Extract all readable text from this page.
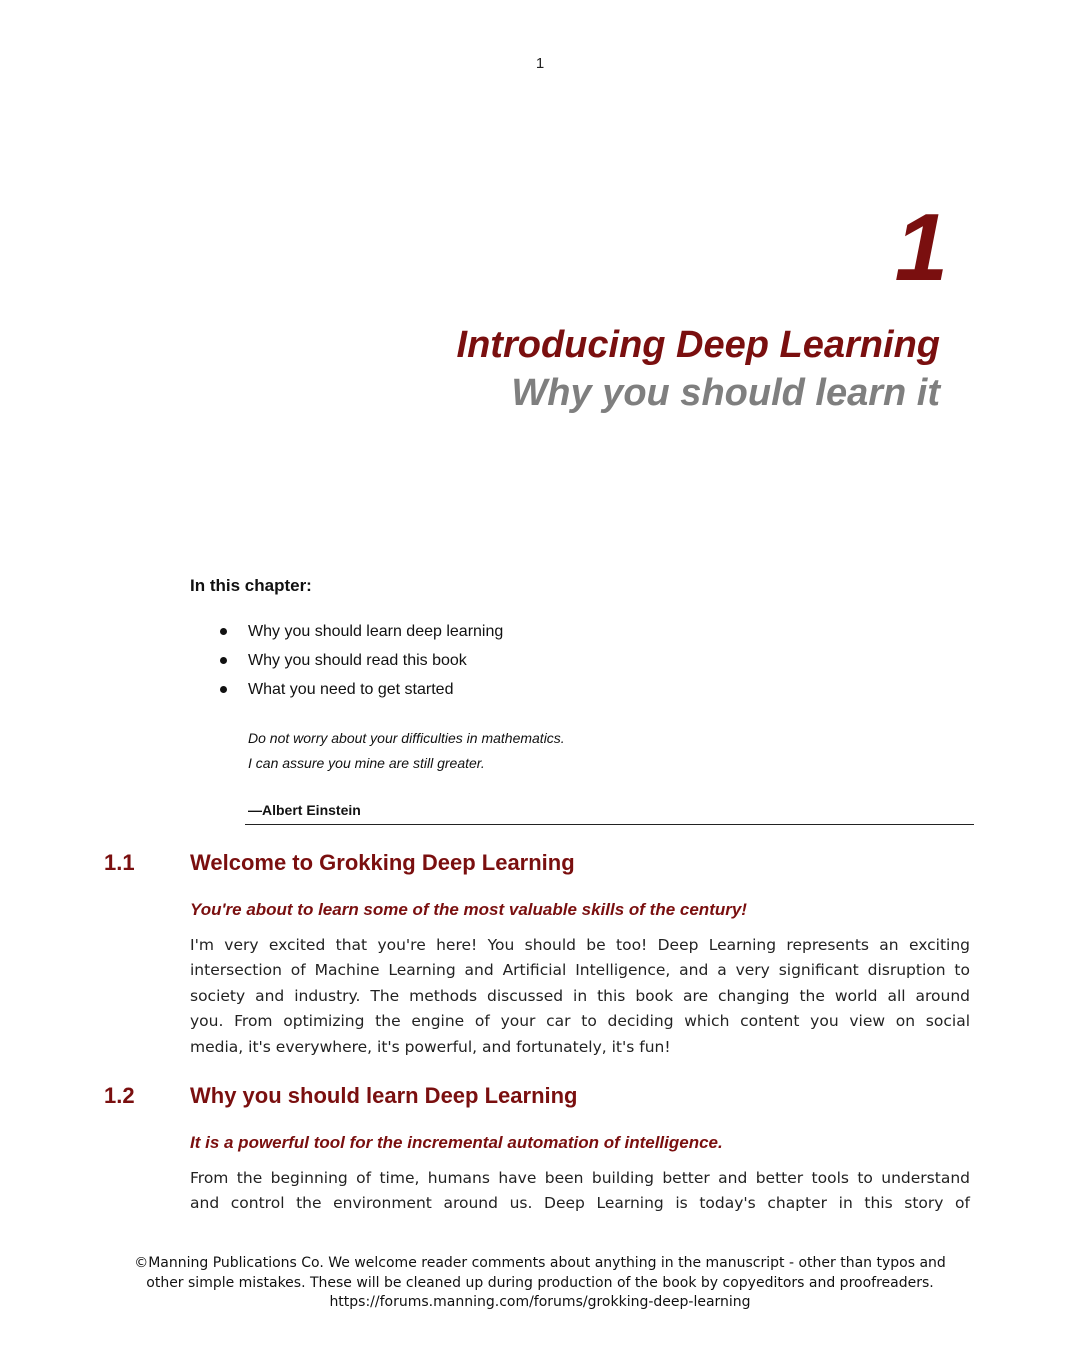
1
1
Introducing Deep Learning
Why you should learn it
In this chapter:
Why you should learn deep learning
Why you should read this book
What you need to get started
Do not worry about your difficulties in mathematics.
I can assure you mine are still greater.
—Albert Einstein
1.1	Welcome to Grokking Deep Learning
You're about to learn some of the most valuable skills of the century!
I'm very excited that you're here! You should be too! Deep Learning represents an exciting
intersection of Machine Learning and Artificial Intelligence, and a very significant disruption to
society and industry. The methods discussed in this book are changing the world all around
you. From optimizing the engine of your car to deciding which content you view on social
media, it's everywhere, it's powerful, and fortunately, it's fun!
1.2	Why you should learn Deep Learning
It is a powerful tool for the incremental automation of intelligence.
From the beginning of time, humans have been building better and better tools to understand
and control the environment around us. Deep Learning is today's chapter in this story of
©Manning Publications Co. We welcome reader comments about anything in the manuscript - other than typos and
other simple mistakes. These will be cleaned up during production of the book by copyeditors and proofreaders.
https://forums.manning.com/forums/grokking-deep-learning
